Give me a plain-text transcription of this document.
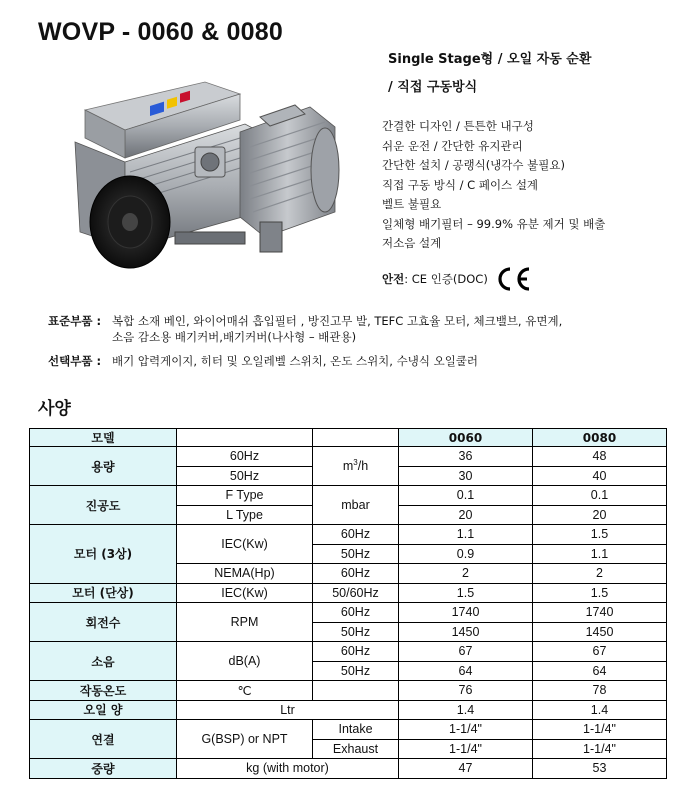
WOVP - 0060 & 0080
Single Stage형 / 오일 자동 순환
/ 직접 구동방식
간결한 디자인 / 튼튼한 내구성
쉬운 운전 / 간단한 유지관리
간단한 설치 / 공랭식(냉각수 불필요)
직접 구동 방식 / C 페이스 설계
벨트 불필요
일체형 배기필터 – 99.9% 유분 제거 및 배출
저소음 설계
안전 : CE 인증(DOC)
표준부품 : 복합 소재 베인, 와이어매쉬 흡입필터 , 방진고무 발, TEFC 고효율 모터, 체크밸브, 유면계,
소음 감소용 배기커버,배기커버(나사형 – 배관용)
선택부품 : 배기 압력게이지, 히터 및 오일레벨 스위치, 온도 스위치, 수냉식 오일쿨러
사양
모델			0060	0080
용량	60Hz	$m^3/h$	36	48
	50Hz		30	40
진공도	F Type	mbar	0.1	0.1
	L Type		20	20
모터 (3상)	IEC(Kw)	60Hz	1.1	1.5
		50Hz	0.9	1.1
	NEMA(Hp)	60Hz	2	2
모터 (단상)	IEC(Kw)	50/60Hz	1.5	1.5
회전수	RPM	60Hz	1740	1740
		50Hz	1450	1450
소음	dB(A)	60Hz	67	67
		50Hz	64	64
작동온도	℃		76	78
오일 양	Ltr		1.4	1.4
연결	G(BSP) or NPT	Intake	1-1/4"	1-1/4"
		Exhaust	1-1/4"	1-1/4"
중량	kg (with motor)		47	53
